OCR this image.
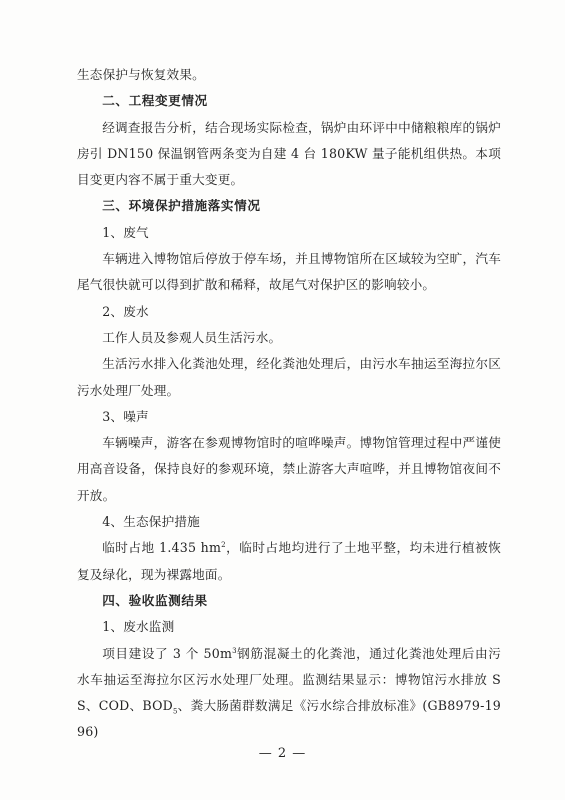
生态保护与恢复效果。

二、工程变更情况

经调查报告分析，结合现场实际检查，锅炉由环评中中储粮粮库的锅炉房引 DN150 保温钢管两条变为自建 4 台 180KW 量子能机组供热。本项目变更内容不属于重大变更。

三、环境保护措施落实情况

1、废气

车辆进入博物馆后停放于停车场，并且博物馆所在区域较为空旷，汽车尾气很快就可以得到扩散和稀释，故尾气对保护区的影响较小。

2、废水

工作人员及参观人员生活污水。

生活污水排入化粪池处理，经化粪池处理后，由污水车抽运至海拉尔区污水处理厂处理。

3、噪声

车辆噪声，游客在参观博物馆时的喧哗噪声。博物馆管理过程中严谨使用高音设备，保持良好的参观环境，禁止游客大声喧哗，并且博物馆夜间不开放。

4、生态保护措施

临时占地 1.435 $hm^2$，临时占地均进行了土地平整，均未进行植被恢复及绿化，现为裸露地面。

四、验收监测结果

1、废水监测

项目建设了 3 个 $50m^3$钢筋混凝土的化粪池，通过化粪池处理后由污水车抽运至海拉尔区污水处理厂处理。监测结果显示：博物馆污水排放 SS、COD、$BOD_5$、粪大肠菌群数满足《污水综合排放标准》(GB8979-1996)

— 2 —
